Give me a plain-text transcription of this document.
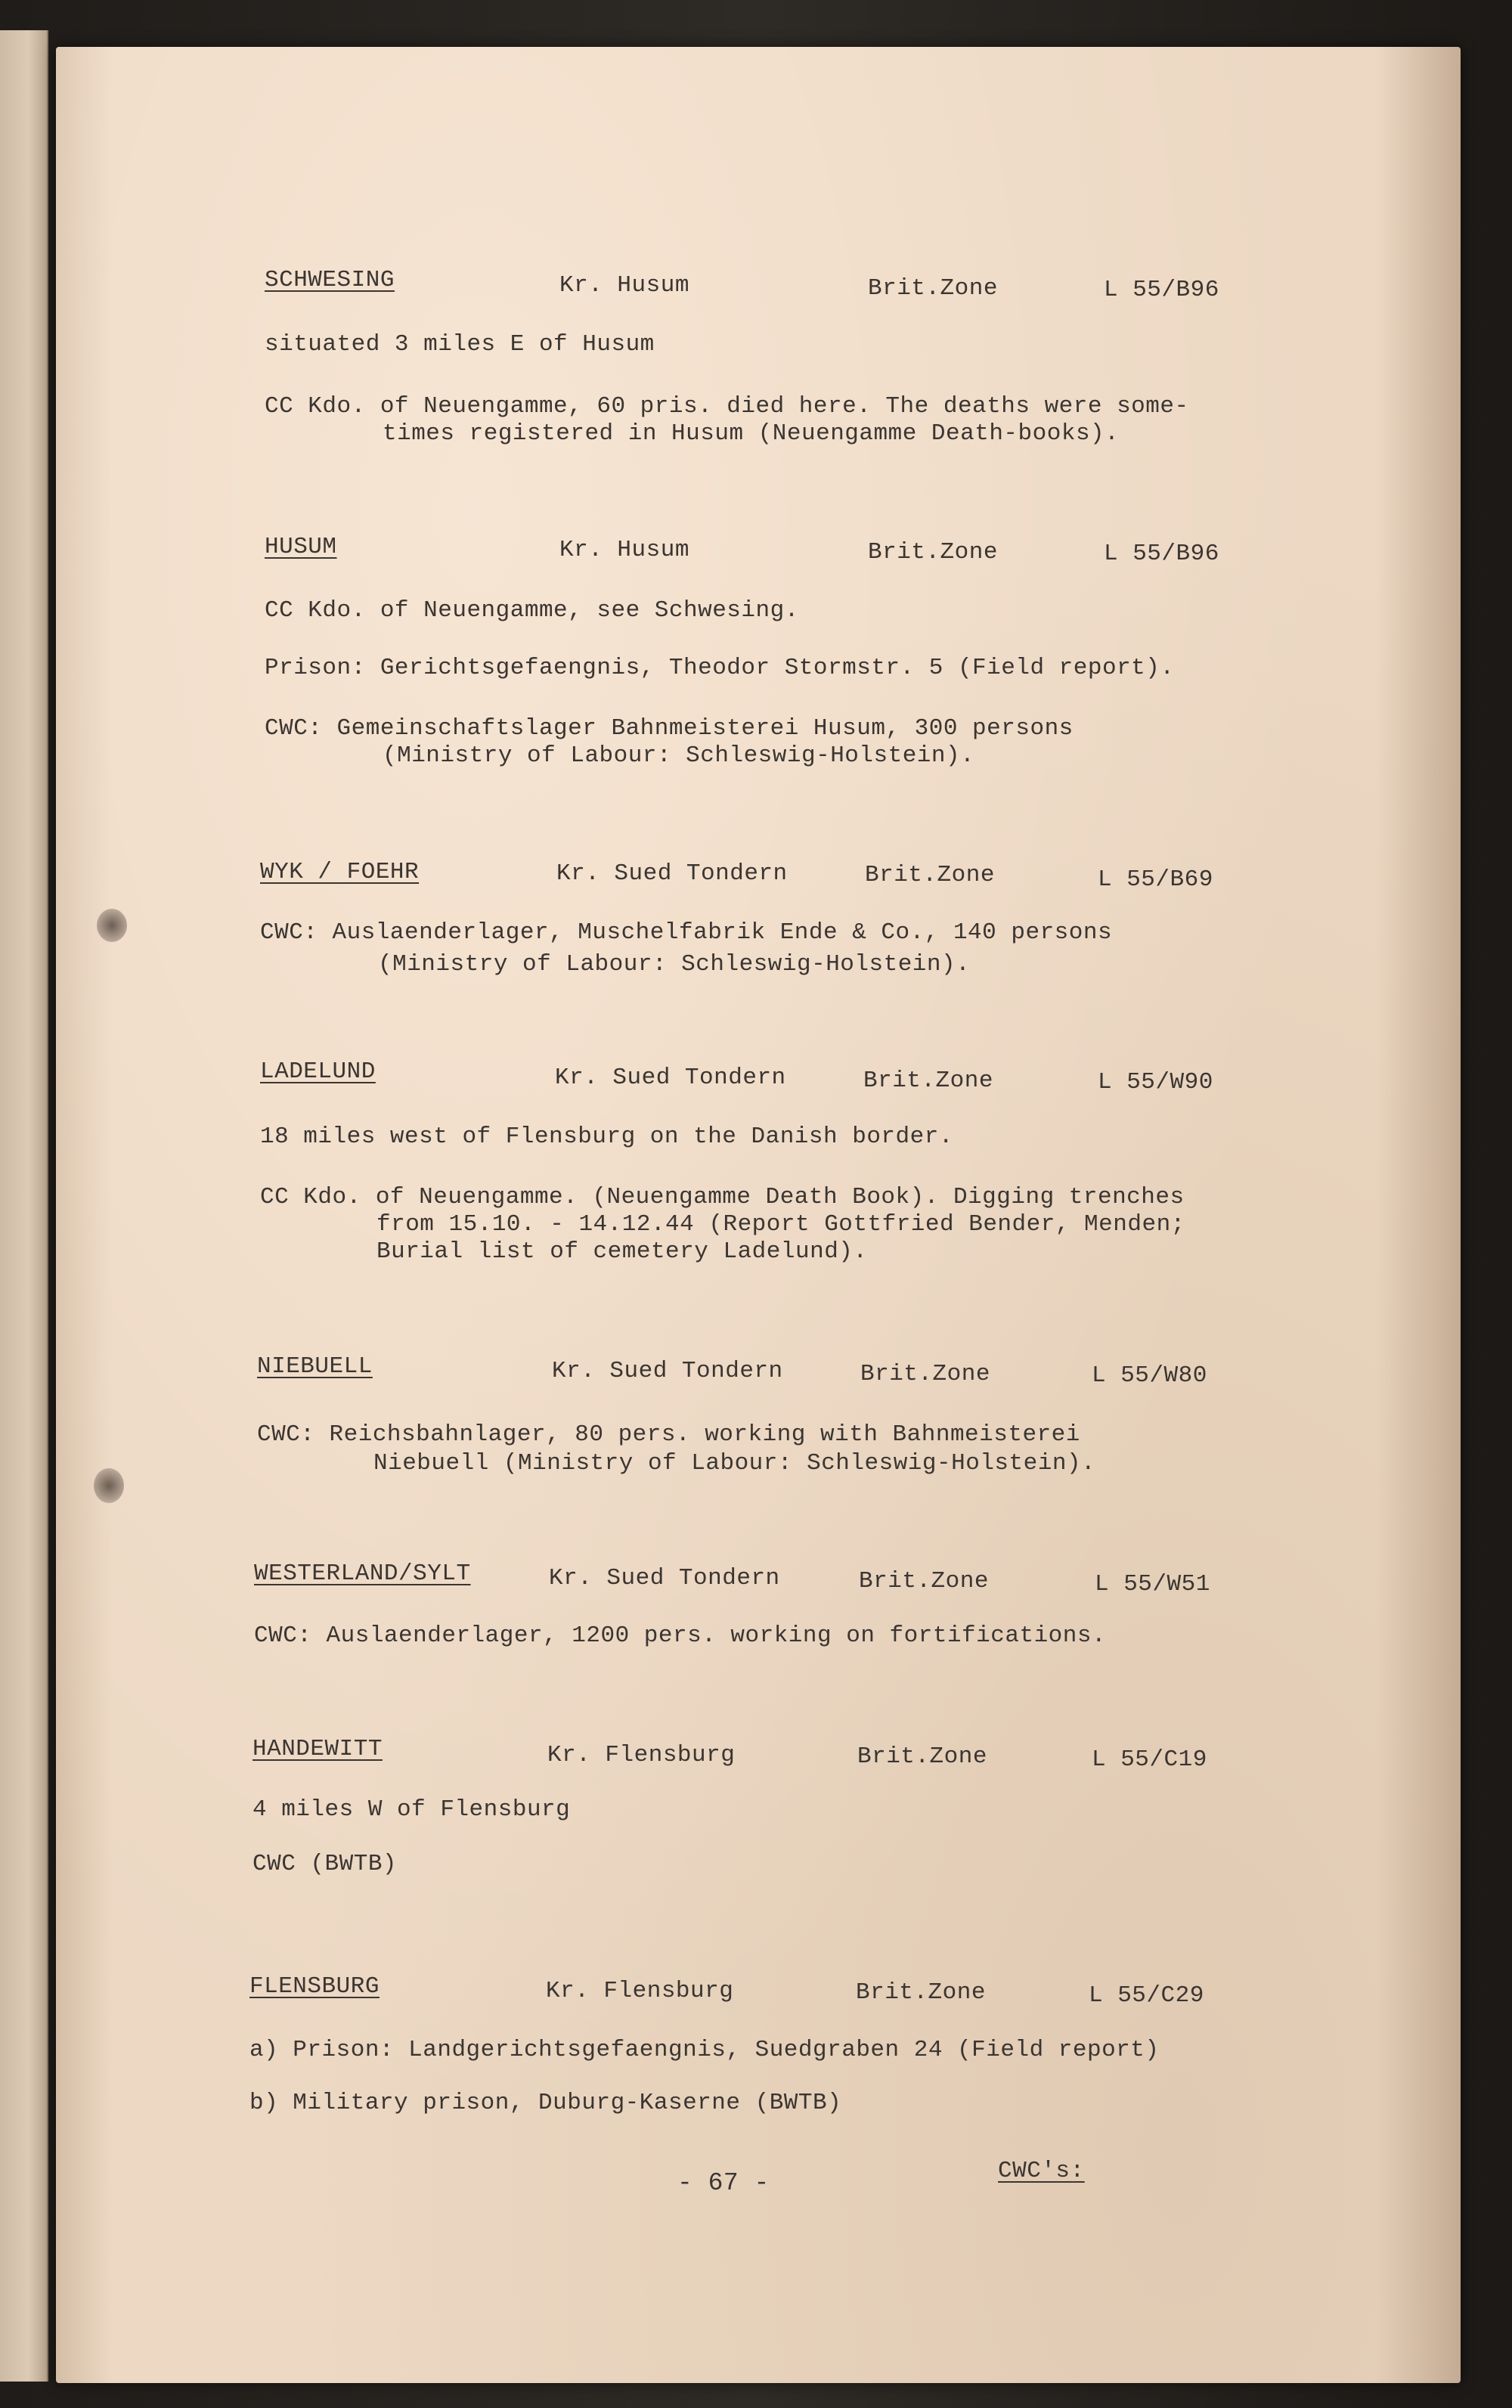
SCHWESING	Kr. Husum	Brit.Zone	L 55/B96
situated 3 miles E of Husum
CC Kdo. of Neuengamme, 60 pris. died here. The deaths were some-
times registered in Husum (Neuengamme Death-books).
HUSUM	Kr. Husum	Brit.Zone	L 55/B96
CC Kdo. of Neuengamme, see Schwesing.
Prison: Gerichtsgefaengnis, Theodor Stormstr. 5 (Field report).
CWC: Gemeinschaftslager Bahnmeisterei Husum, 300 persons
(Ministry of Labour: Schleswig-Holstein).
WYK / FOEHR	Kr. Sued Tondern	Brit.Zone	L 55/B69
CWC: Auslaenderlager, Muschelfabrik Ende & Co., 140 persons
(Ministry of Labour: Schleswig-Holstein).
LADELUND	Kr. Sued Tondern	Brit.Zone	L 55/W90
18 miles west of Flensburg on the Danish border.
CC Kdo. of Neuengamme. (Neuengamme Death Book). Digging trenches
from 15.10. - 14.12.44 (Report Gottfried Bender, Menden;
Burial list of cemetery Ladelund).
NIEBUELL	Kr. Sued Tondern	Brit.Zone	L 55/W80
CWC: Reichsbahnlager, 80 pers. working with Bahnmeisterei
Niebuell (Ministry of Labour: Schleswig-Holstein).
WESTERLAND/SYLT	Kr. Sued Tondern	Brit.Zone	L 55/W51
CWC: Auslaenderlager, 1200 pers. working on fortifications.
HANDEWITT	Kr. Flensburg	Brit.Zone	L 55/C19
4 miles W of Flensburg
CWC (BWTB)
FLENSBURG	Kr. Flensburg	Brit.Zone	L 55/C29
a) Prison: Landgerichtsgefaengnis, Suedgraben 24 (Field report)
b) Military prison, Duburg-Kaserne (BWTB)
- 67 -	CWC's:
